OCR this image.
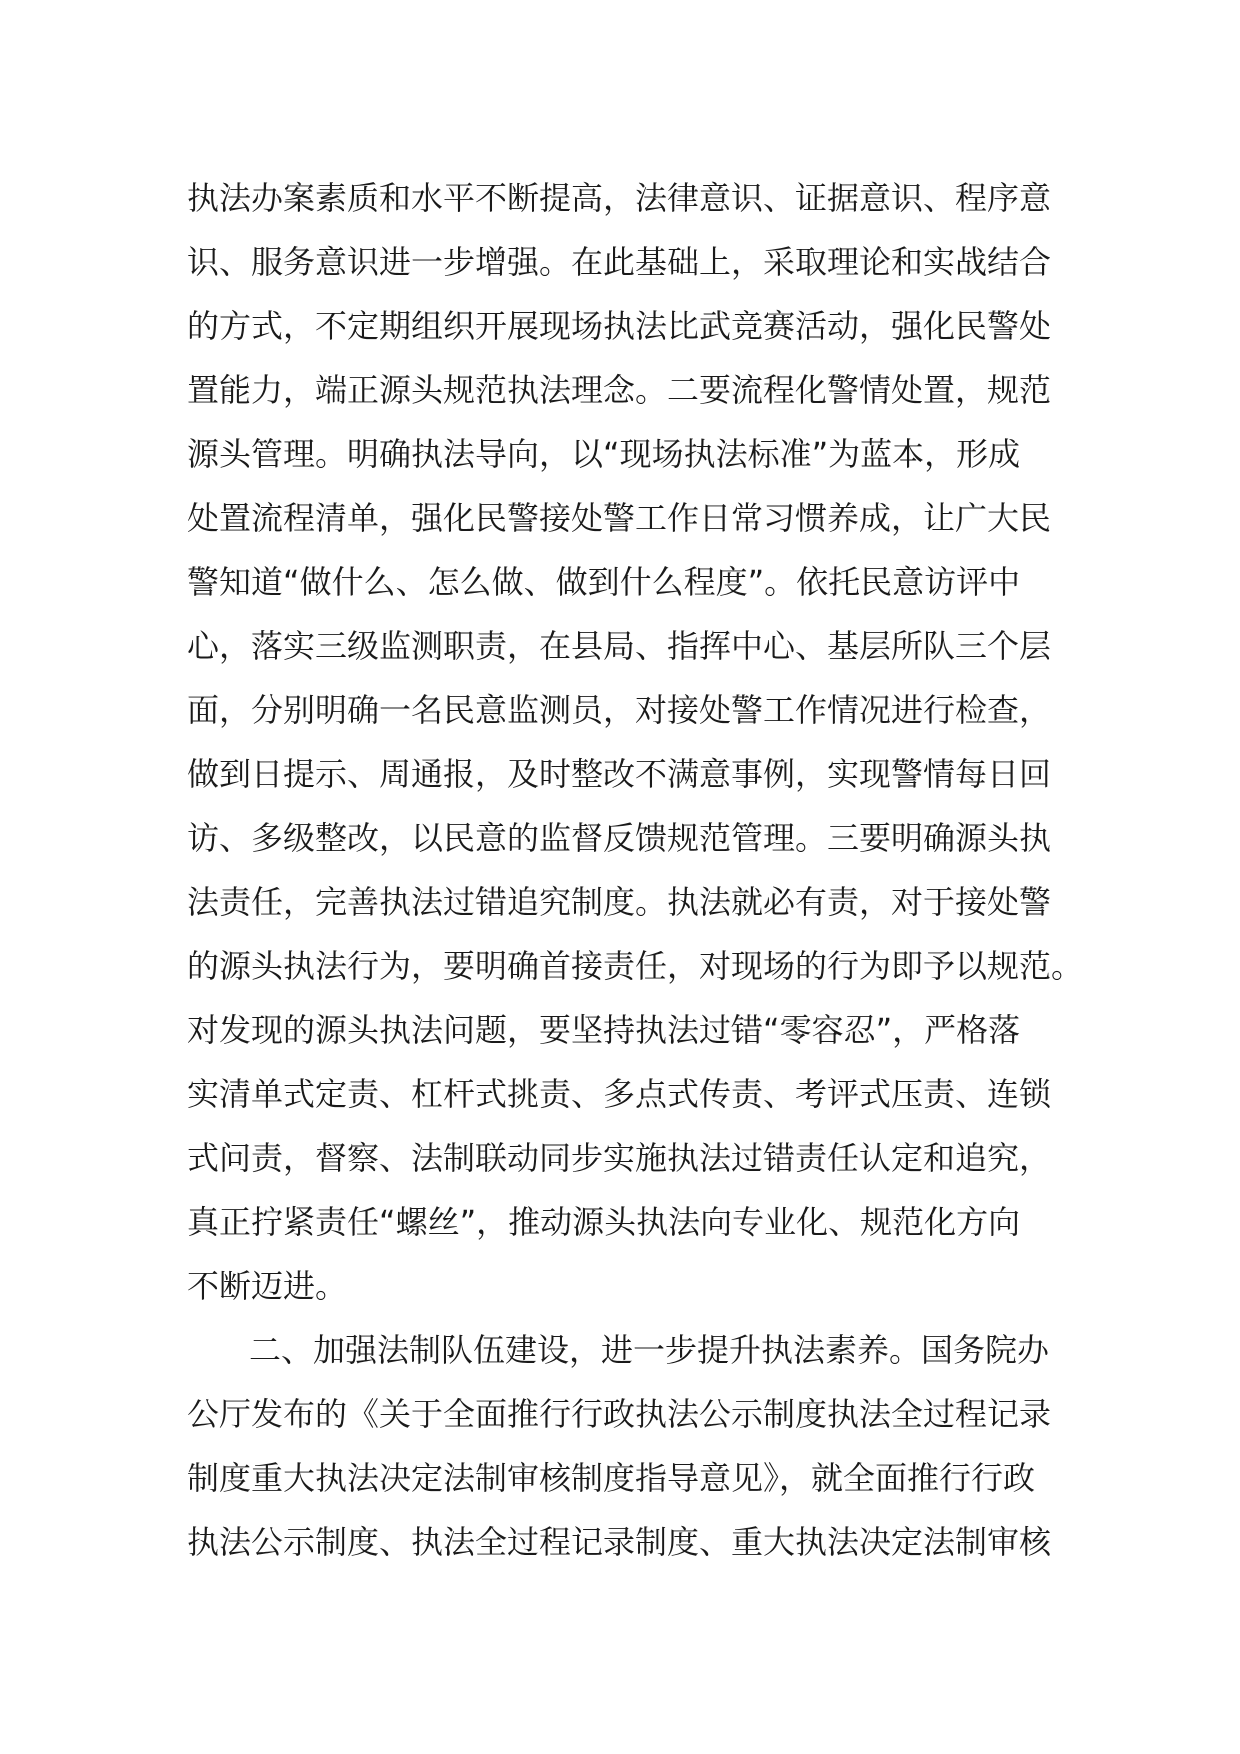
执法办案素质和水平不断提高，法律意识、证据意识、程序意
识、服务意识进一步增强。在此基础上，采取理论和实战结合
的方式，不定期组织开展现场执法比武竞赛活动，强化民警处
置能力，端正源头规范执法理念。二要流程化警情处置，规范
源头管理。明确执法导向，以“现场执法标准”为蓝本，形成
处置流程清单，强化民警接处警工作日常习惯养成，让广大民
警知道“做什么、怎么做、做到什么程度”。依托民意访评中
心，落实三级监测职责，在县局、指挥中心、基层所队三个层
面，分别明确一名民意监测员，对接处警工作情况进行检查，
做到日提示、周通报，及时整改不满意事例，实现警情每日回
访、多级整改，以民意的监督反馈规范管理。三要明确源头执
法责任，完善执法过错追究制度。执法就必有责，对于接处警
的源头执法行为，要明确首接责任，对现场的行为即予以规范。
对发现的源头执法问题，要坚持执法过错“零容忍”，严格落
实清单式定责、杠杆式挑责、多点式传责、考评式压责、连锁
式问责，督察、法制联动同步实施执法过错责任认定和追究，
真正拧紧责任“螺丝”，推动源头执法向专业化、规范化方向
不断迈进。
二、加强法制队伍建设，进一步提升执法素养。国务院办
公厅发布的《关于全面推行行政执法公示制度执法全过程记录
制度重大执法决定法制审核制度指导意见》，就全面推行行政
执法公示制度、执法全过程记录制度、重大执法决定法制审核
